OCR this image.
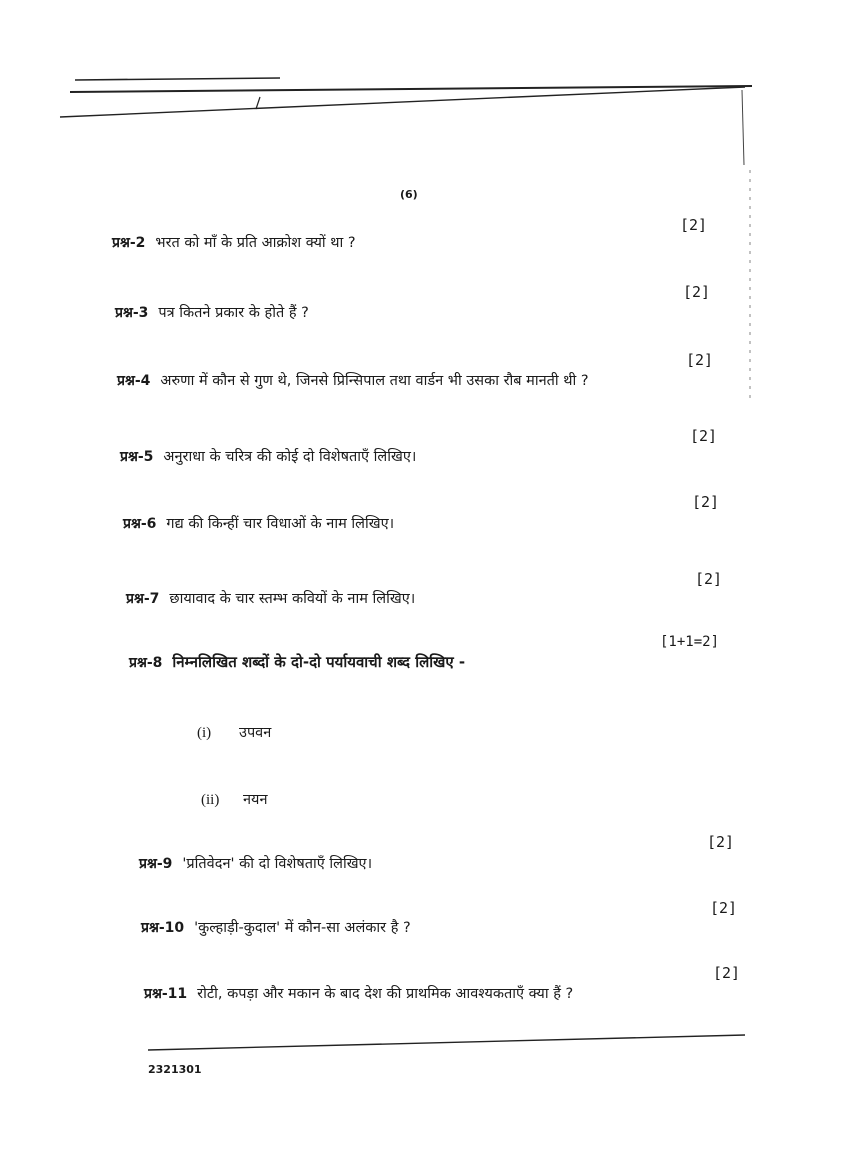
(6)
प्रश्न-2 भरत को माँ के प्रति आक्रोश क्यों था ?
[2]
प्रश्न-3 पत्र कितने प्रकार के होते हैं ?
[2]
प्रश्न-4 अरुणा में कौन से गुण थे, जिनसे प्रिन्सिपाल तथा वार्डन भी उसका रौब मानती थी ?
[2]
प्रश्न-5 अनुराधा के चरित्र की कोई दो विशेषताएँ लिखिए।
[2]
प्रश्न-6 गद्य की किन्हीं चार विधाओं के नाम लिखिए।
[2]
प्रश्न-7 छायावाद के चार स्तम्भ कवियों के नाम लिखिए।
[2]
प्रश्न-8 निम्नलिखित शब्दों के दो-दो पर्यायवाची शब्द लिखिए -
[1+1=2]
(i) उपवन
(ii) नयन
प्रश्न-9 'प्रतिवेदन' की दो विशेषताएँ लिखिए।
[2]
प्रश्न-10 'कुल्हाड़ी-कुदाल' में कौन-सा अलंकार है ?
[2]
प्रश्न-11 रोटी, कपड़ा और मकान के बाद देश की प्राथमिक आवश्यकताएँ क्या हैं ?
[2]
2321301
